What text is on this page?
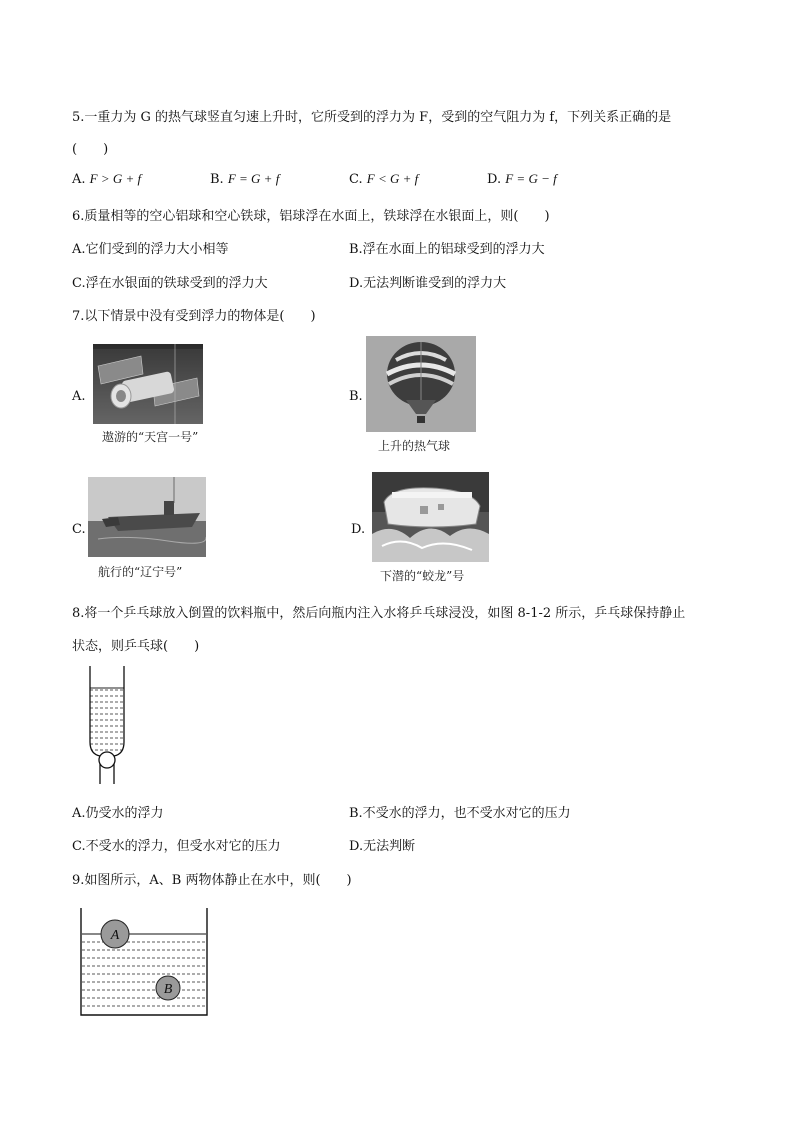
5.一重力为 G 的热气球竖直匀速上升时，它所受到的浮力为 F，受到的空气阻力为 f，下列关系正确的是
(　　)
A. F > G + f	B. F = G + f	C. F < G + f	D. F = G − f
6.质量相等的空心铝球和空心铁球，铝球浮在水面上，铁球浮在水银面上，则(　　)
A.它们受到的浮力大小相等	B.浮在水面上的铝球受到的浮力大
C.浮在水银面的铁球受到的浮力大	D.无法判断谁受到的浮力大
7.以下情景中没有受到浮力的物体是(　　)
A.
遨游的“天宫一号”
B.
上升的热气球
C.
航行的“辽宁号”
D.
下潜的“蛟龙”号
8.将一个乒乓球放入倒置的饮料瓶中，然后向瓶内注入水将乒乓球浸没，如图 8-1-2 所示，乒乓球保持静止
状态，则乒乓球(　　)
A.仍受水的浮力	B.不受水的浮力，也不受水对它的压力
C.不受水的浮力，但受水对它的压力	D.无法判断
9.如图所示，A、B 两物体静止在水中，则(　　)
A
B
